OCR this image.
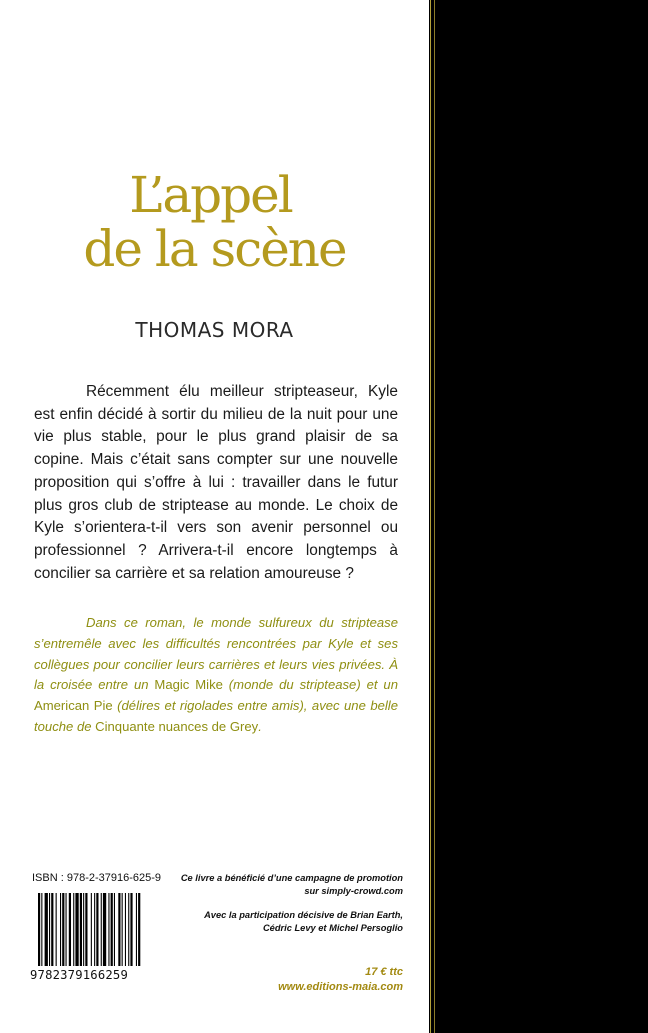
L’appel
de la scène
THOMAS MORA

Récemment élu meilleur stripteaseur, Kyle est enfin décidé à sortir du milieu de la nuit pour une vie plus stable, pour le plus grand plaisir de sa copine. Mais c’était sans compter sur une nouvelle proposition qui s’offre à lui : travailler dans le futur plus gros club de striptease au monde. Le choix de Kyle s’orientera-t-il vers son avenir personnel ou professionnel ? Arrivera-t-il encore longtemps à concilier sa carrière et sa relation amoureuse ?

Dans ce roman, le monde sulfureux du striptease s’entremêle avec les difficultés rencontrées par Kyle et ses collègues pour concilier leurs carrières et leurs vies privées. À la croisée entre un Magic Mike (monde du striptease) et un American Pie (délires et rigolades entre amis), avec une belle touche de Cinquante nuances de Grey.

ISBN : 978-2-37916-625-9
9782379166259

Ce livre a bénéficié d’une campagne de promotion
sur simply-crowd.com

Avec la participation décisive de Brian Earth,
Cédric Levy et Michel Persoglio

17 € ttc

www.editions-maia.com
